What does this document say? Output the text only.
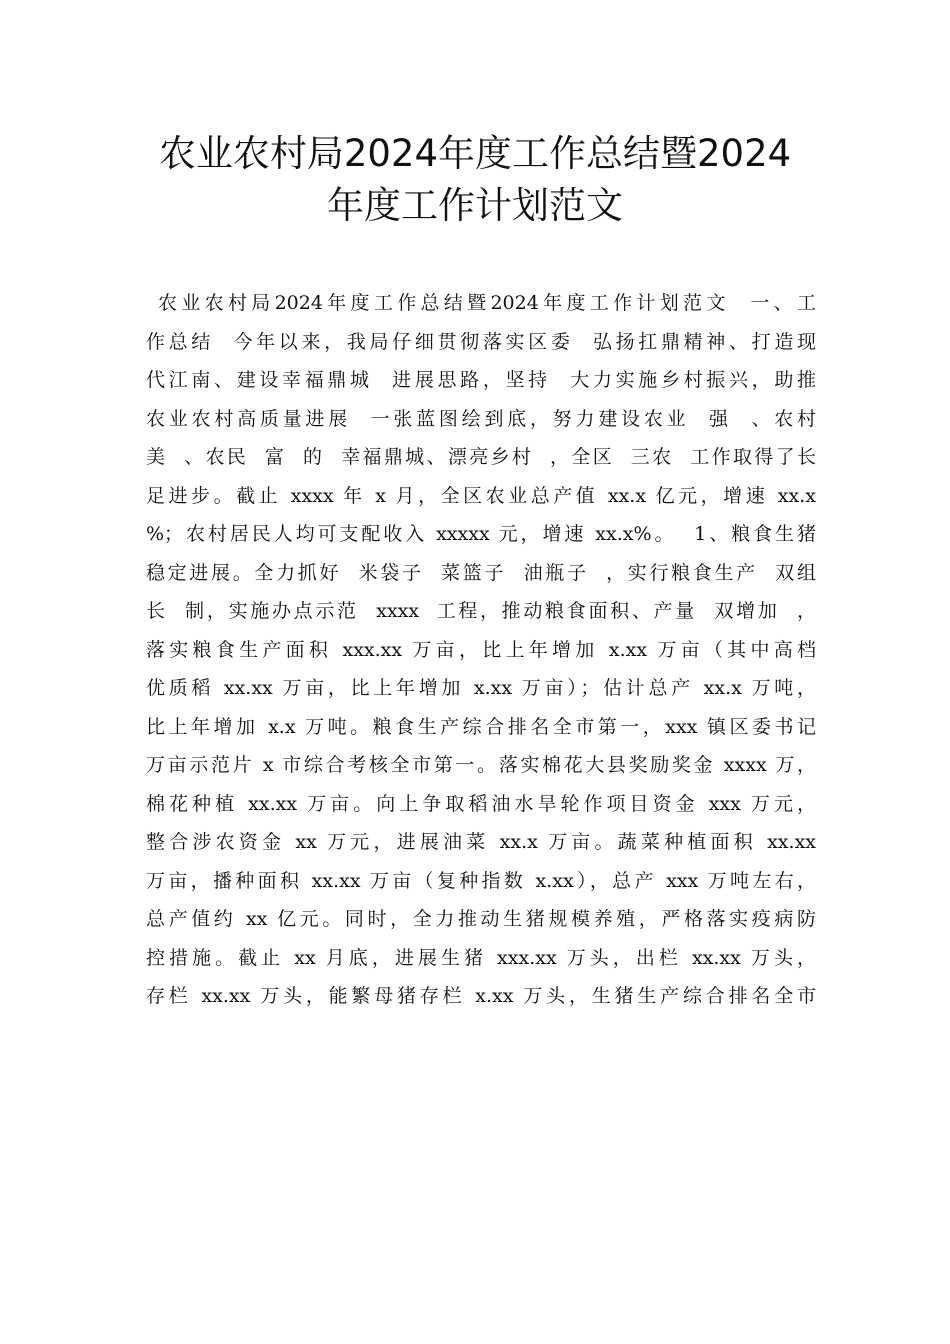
农业农村局2024年度工作总结暨2024
年度工作计划范文
农业农村局2024年度工作总结暨2024年度工作计划范文  一、工
作总结  今年以来，我局仔细贯彻落实区委  弘扬扛鼎精神、打造现
代江南、建设幸福鼎城  进展思路，坚持  大力实施乡村振兴，助推
农业农村高质量进展  一张蓝图绘到底，努力建设农业  强  、农村
美  、农民  富  的  幸福鼎城、漂亮乡村  ，全区  三农  工作取得了长
足进步。截止 xxxx 年 x 月，全区农业总产值 xx.x 亿元，增速 xx.x
%；农村居民人均可支配收入 xxxxx 元，增速 xx.x%。  1、粮食生猪
稳定进展。全力抓好  米袋子  菜篮子  油瓶子  ，实行粮食生产  双组
长  制，实施办点示范  xxxx  工程，推动粮食面积、产量  双增加  ，
落实粮食生产面积 xxx.xx 万亩，比上年增加 x.xx 万亩（其中高档
优质稻 xx.xx 万亩，比上年增加 x.xx 万亩）；估计总产 xx.x 万吨，
比上年增加 x.x 万吨。粮食生产综合排名全市第一，xxx 镇区委书记
万亩示范片 x 市综合考核全市第一。落实棉花大县奖励奖金 xxxx 万，
棉花种植 xx.xx 万亩。向上争取稻油水旱轮作项目资金 xxx 万元，
整合涉农资金 xx 万元，进展油菜 xx.x 万亩。蔬菜种植面积 xx.xx
万亩，播种面积 xx.xx 万亩（复种指数 x.xx），总产 xxx 万吨左右，
总产值约 xx 亿元。同时，全力推动生猪规模养殖，严格落实疫病防
控措施。截止 xx 月底，进展生猪 xxx.xx 万头，出栏 xx.xx 万头，
存栏 xx.xx 万头，能繁母猪存栏 x.xx 万头，生猪生产综合排名全市
